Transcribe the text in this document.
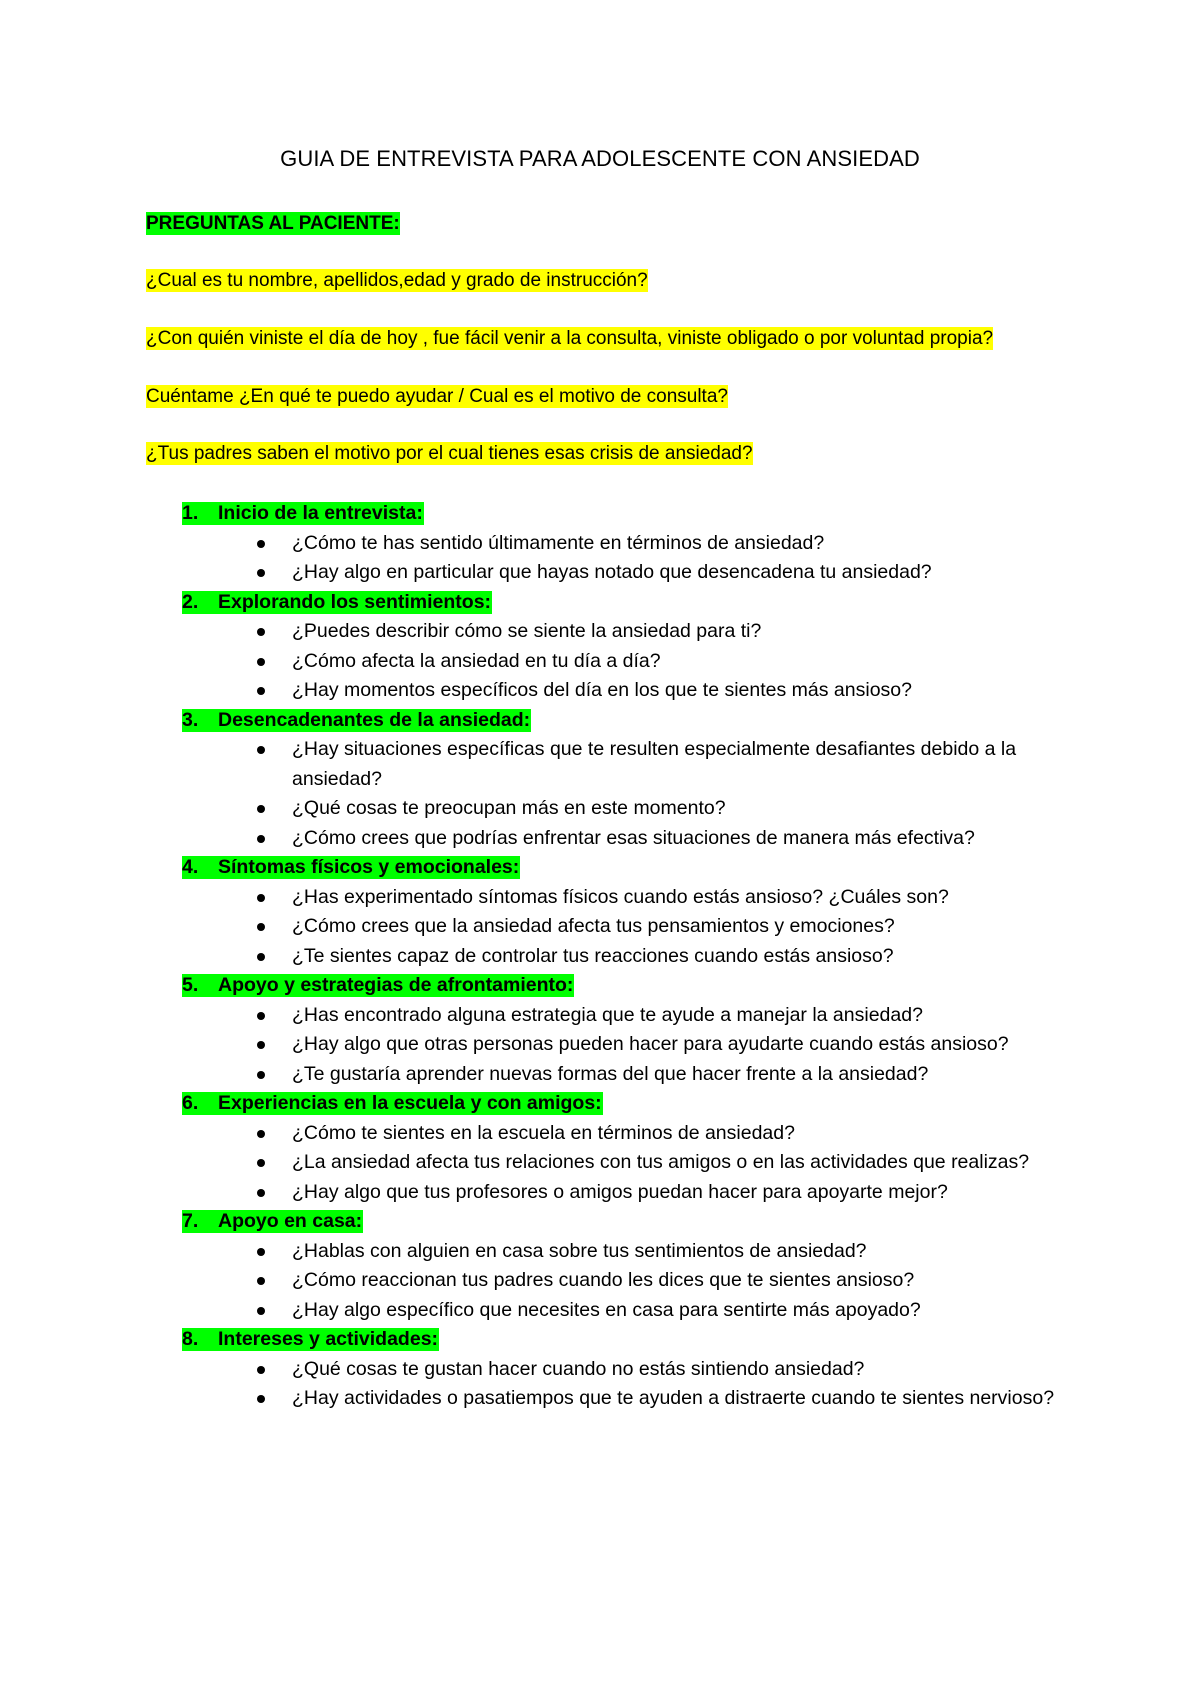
GUIA DE ENTREVISTA PARA ADOLESCENTE CON ANSIEDAD
PREGUNTAS AL PACIENTE:
¿Cual es tu nombre, apellidos,edad y grado de instrucción?
¿Con quién viniste el día de hoy , fue fácil venir a la consulta, viniste obligado o por voluntad propia?
Cuéntame ¿En qué te puedo ayudar / Cual es el motivo de consulta?
¿Tus padres saben el motivo por el cual tienes esas crisis de ansiedad?
1. Inicio de la entrevista:
¿Cómo te has sentido últimamente en términos de ansiedad?
¿Hay algo en particular que hayas notado que desencadena tu ansiedad?
2. Explorando los sentimientos:
¿Puedes describir cómo se siente la ansiedad para ti?
¿Cómo afecta la ansiedad en tu día a día?
¿Hay momentos específicos del día en los que te sientes más ansioso?
3. Desencadenantes de la ansiedad:
¿Hay situaciones específicas que te resulten especialmente desafiantes debido a la ansiedad?
¿Qué cosas te preocupan más en este momento?
¿Cómo crees que podrías enfrentar esas situaciones de manera más efectiva?
4. Síntomas físicos y emocionales:
¿Has experimentado síntomas físicos cuando estás ansioso? ¿Cuáles son?
¿Cómo crees que la ansiedad afecta tus pensamientos y emociones?
¿Te sientes capaz de controlar tus reacciones cuando estás ansioso?
5. Apoyo y estrategias de afrontamiento:
¿Has encontrado alguna estrategia que te ayude a manejar la ansiedad?
¿Hay algo que otras personas pueden hacer para ayudarte cuando estás ansioso?
¿Te gustaría aprender nuevas formas del que hacer frente a la ansiedad?
6. Experiencias en la escuela y con amigos:
¿Cómo te sientes en la escuela en términos de ansiedad?
¿La ansiedad afecta tus relaciones con tus amigos o en las actividades que realizas?
¿Hay algo que tus profesores o amigos puedan hacer para apoyarte mejor?
7. Apoyo en casa:
¿Hablas con alguien en casa sobre tus sentimientos de ansiedad?
¿Cómo reaccionan tus padres cuando les dices que te sientes ansioso?
¿Hay algo específico que necesites en casa para sentirte más apoyado?
8. Intereses y actividades:
¿Qué cosas te gustan hacer cuando no estás sintiendo ansiedad?
¿Hay actividades o pasatiempos que te ayuden a distraerte cuando te sientes nervioso?
